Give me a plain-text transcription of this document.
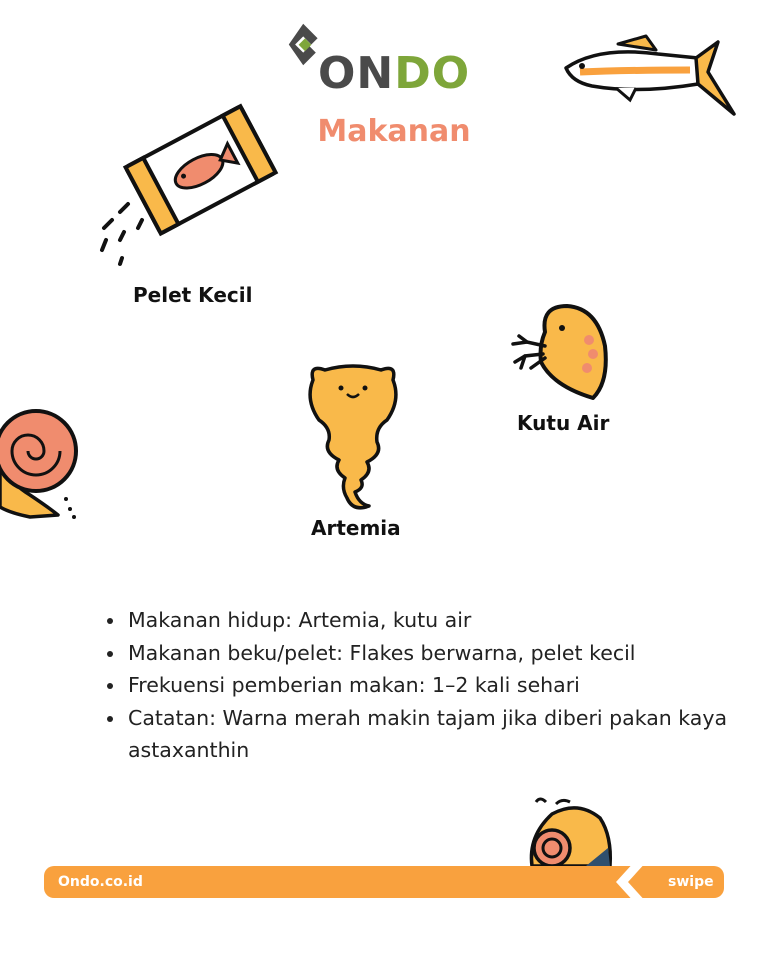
ONDO
Makanan
Pelet Kecil
Kutu Air
Artemia
• Makanan hidup: Artemia, kutu air
• Makanan beku/pelet: Flakes berwarna, pelet kecil
• Frekuensi pemberian makan: 1–2 kali sehari
• Catatan: Warna merah makin tajam jika diberi pakan kaya astaxanthin
Ondo.co.id	swipe
